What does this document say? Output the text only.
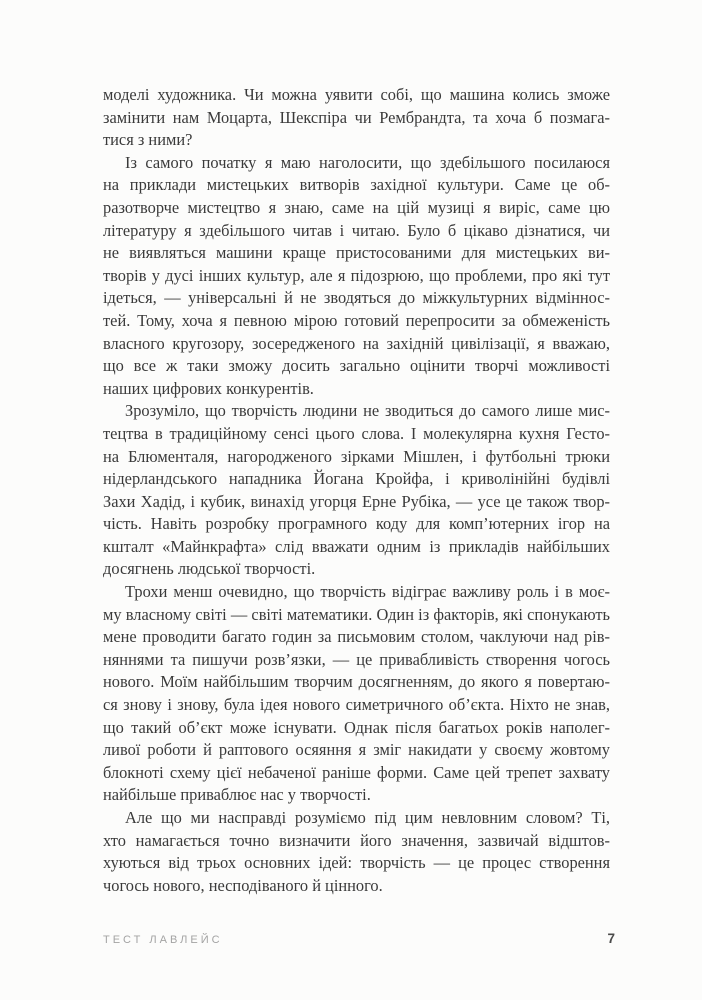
моделі художника. Чи можна уявити собі, що машина колись зможе
замінити нам Моцарта, Шекспіра чи Рембрандта, та хоча б позмага-
тися з ними?
Із самого початку я маю наголосити, що здебільшого посилаюся
на приклади мистецьких витворів західної культури. Саме це об-
разотворче мистецтво я знаю, саме на цій музиці я виріс, саме цю
літературу я здебільшого читав і читаю. Було б цікаво дізнатися, чи
не виявляться машини краще пристосованими для мистецьких ви-
творів у дусі інших культур, але я підозрюю, що проблеми, про які тут
ідеться, — універсальні й не зводяться до міжкультурних відміннос-
тей. Тому, хоча я певною мірою готовий перепросити за обмеженість
власного кругозору, зосередженого на західній цивілізації, я вважаю,
що все ж таки зможу досить загально оцінити творчі можливості
наших цифрових конкурентів.
Зрозуміло, що творчість людини не зводиться до самого лише мис-
тецтва в традиційному сенсі цього слова. І молекулярна кухня Гесто-
на Блюменталя, нагородженого зірками Мішлен, і футбольні трюки
нідерландського нападника Йогана Кройфа, і криволінійні будівлі
Захи Хадід, і кубик, винахід угорця Ерне Рубіка, — усе це також твор-
чість. Навіть розробку програмного коду для комп’ютерних ігор на
кшталт «Майнкрафта» слід вважати одним із прикладів найбільших
досягнень людської творчості.
Трохи менш очевидно, що творчість відіграє важливу роль і в моє-
му власному світі — світі математики. Один із факторів, які спонукають
мене проводити багато годин за письмовим столом, чаклуючи над рів-
няннями та пишучи розв’язки, — це привабливість створення чогось
нового. Моїм найбільшим творчим досягненням, до якого я повертаю-
ся знову і знову, була ідея нового симетричного об’єкта. Ніхто не знав,
що такий об’єкт може існувати. Однак після багатьох років наполег-
ливої роботи й раптового осяяння я зміг накидати у своєму жовтому
блокноті схему цієї небаченої раніше форми. Саме цей трепет захвату
найбільше приваблює нас у творчості.
Але що ми насправді розуміємо під цим невловним словом? Ті,
хто намагається точно визначити його значення, зазвичай відштов-
хуються від трьох основних ідей: творчість — це процес створення
чогось нового, несподіваного й цінного.
ТЕСТ ЛАВЛЕЙС	7
